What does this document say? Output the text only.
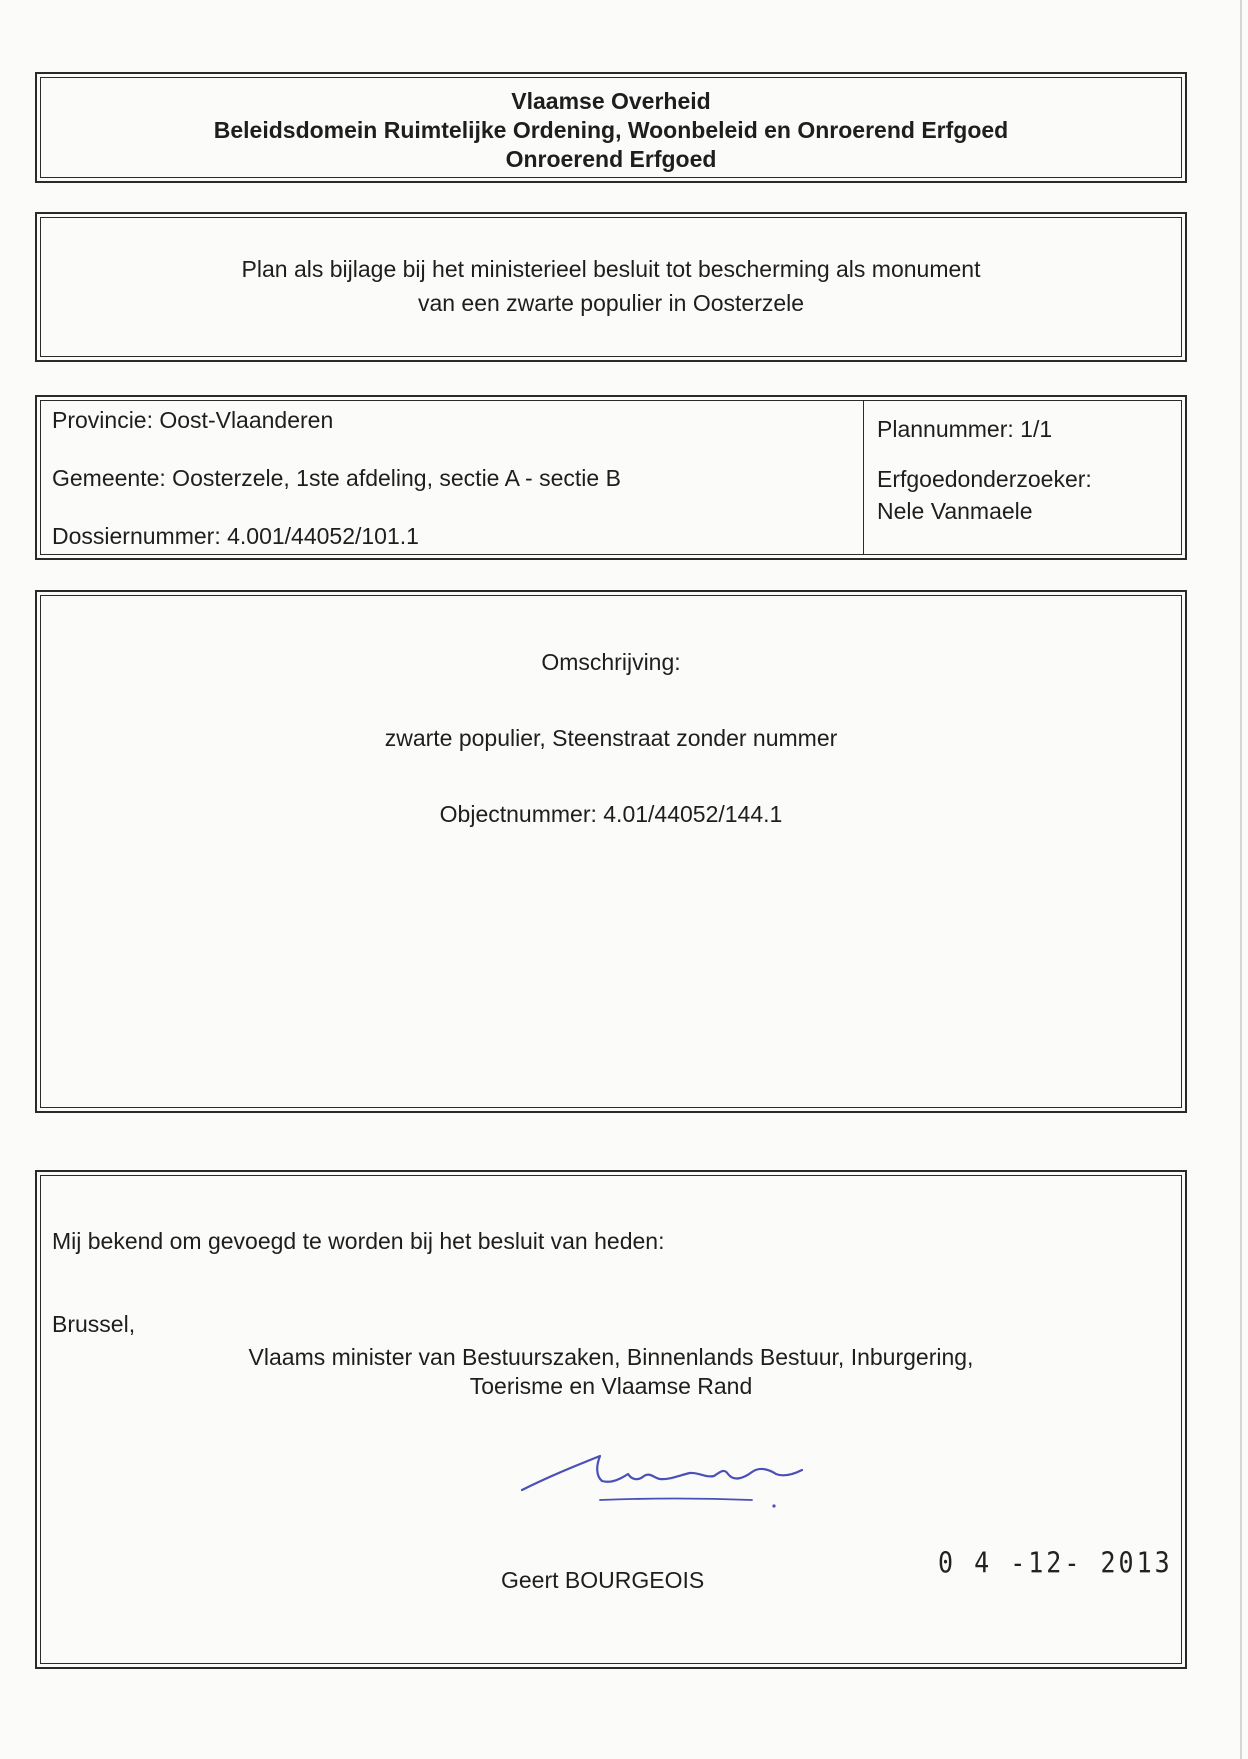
Vlaamse Overheid
Beleidsdomein Ruimtelijke Ordening, Woonbeleid en Onroerend Erfgoed
Onroerend Erfgoed
Plan als bijlage bij het ministerieel besluit tot bescherming als monument
van een zwarte populier in Oosterzele
Provincie: Oost-Vlaanderen
Gemeente: Oosterzele, 1ste afdeling, sectie A - sectie B
Dossiernummer: 4.001/44052/101.1
Plannummer: 1/1
Erfgoedonderzoeker:
Nele Vanmaele
Omschrijving:
zwarte populier, Steenstraat zonder nummer
Objectnummer: 4.01/44052/144.1
Mij bekend om gevoegd te worden bij het besluit van heden:
Brussel,
Vlaams minister van Bestuurszaken, Binnenlands Bestuur, Inburgering,
Toerisme en Vlaamse Rand
Geert BOURGEOIS
0 4 -12- 2013
